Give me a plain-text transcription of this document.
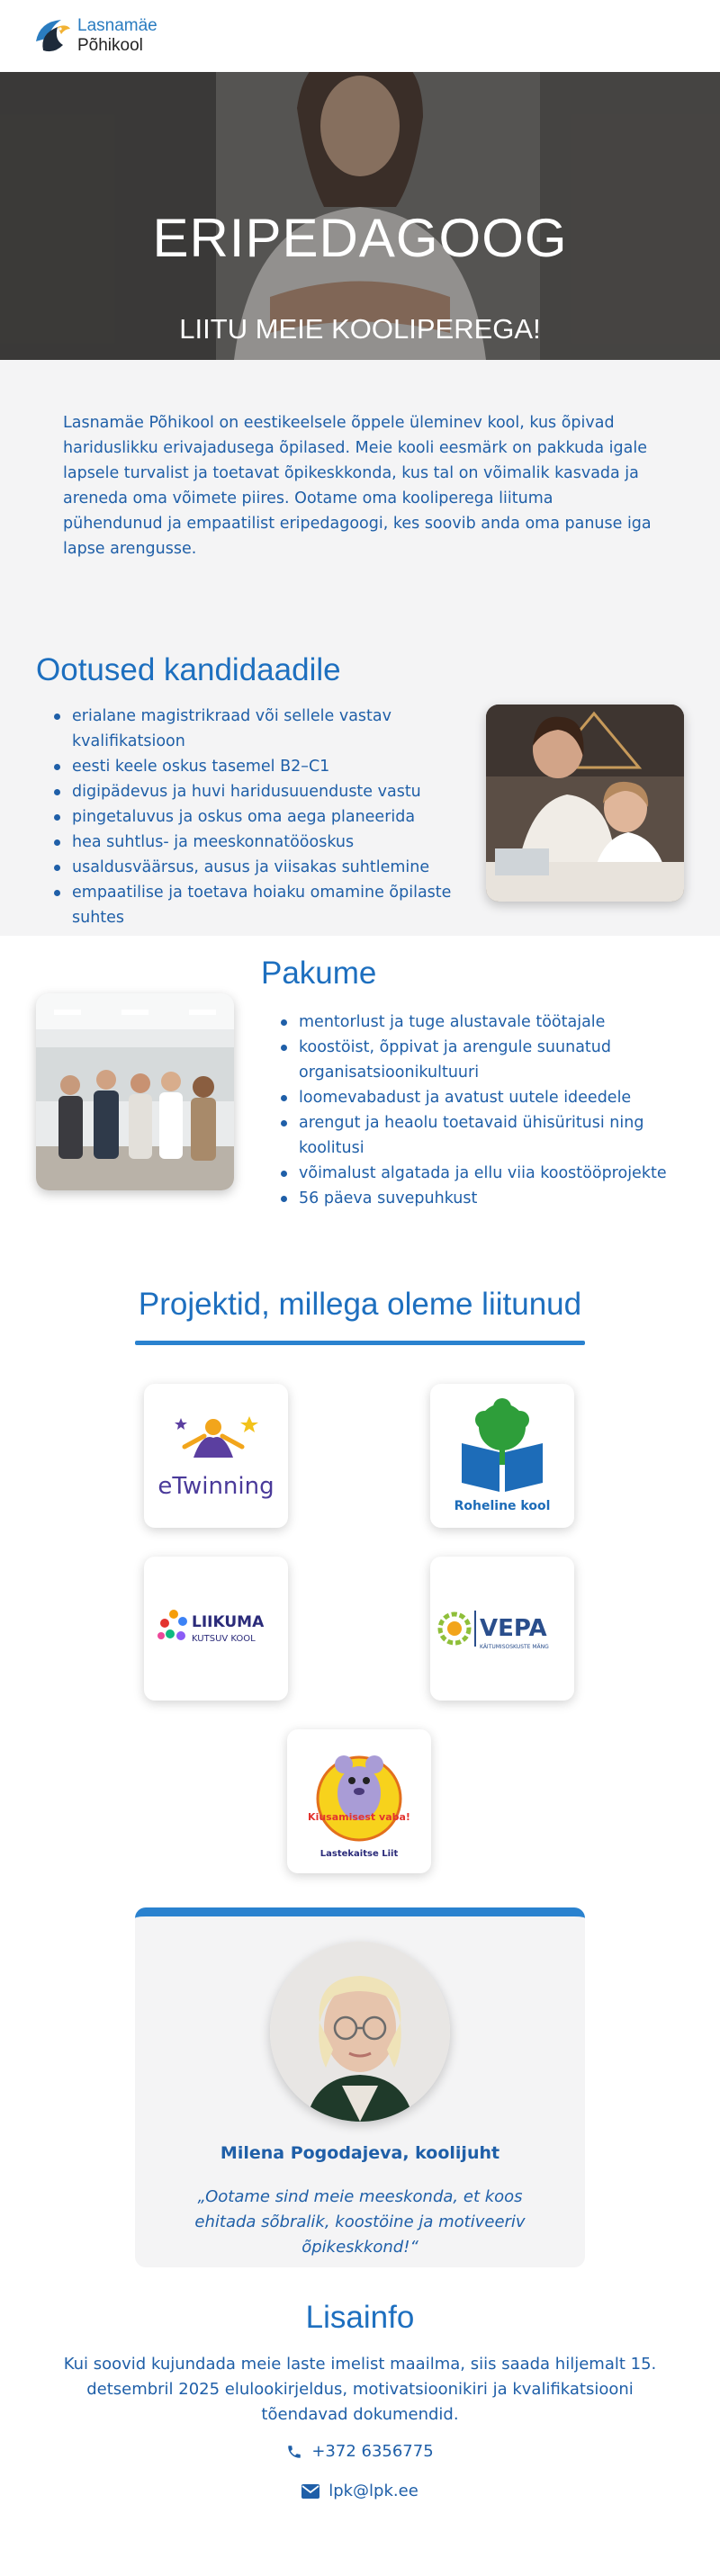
Lasnamäe
Põhikool
ERIPEDAGOOG
LIITU MEIE KOOLIPEREGA!

Lasnamäe Põhikool on eestikeelsele õppele üleminev kool, kus õpivad hariduslikku erivajadusega õpilased. Meie kooli eesmärk on pakkuda igale lapsele turvalist ja toetavat õpikeskkonda, kus tal on võimalik kasvada ja areneda oma võimete piires. Ootame oma kooliperega liituma pühendunud ja empaatilist eripedagoogi, kes soovib anda oma panuse iga lapse arengusse.

Ootused kandidaadile
erialane magistrikraad või sellele vastav kvalifikatsioon
eesti keele oskus tasemel B2–C1
digipädevus ja huvi haridusuuenduste vastu
pingetaluvus ja oskus oma aega planeerida
hea suhtlus- ja meeskonnatööoskus
usaldusväärsus, ausus ja viisakas suhtlemine
empaatilise ja toetava hoiaku omamine õpilaste suhtes
Pakume
mentorlust ja tuge alustavale töötajale
koostöist, õppivat ja arengule suunatud organisatsioonikultuuri
loomevabadust ja avatust uutele ideedele
arengut ja heaolu toetavaid ühisüritusi ning koolitusi
võimalust algatada ja ellu viia koostööprojekte
56 päeva suvepuhkust
Projektid, millega oleme liitunud
eTwinning
Roheline kool
LIIKUMA
KUTSUV KOOL	VEPA
KÄITUMISOSKUSTE MÄNG
Kiusamisest vaba!
Lastekaitse Liit
Milena Pogodajeva, koolijuht
„Ootame sind meie meeskonda, et koos ehitada sõbralik, koostöine ja motiveeriv õpikeskkond!“
Lisainfo

Kui soovid kujundada meie laste imelist maailma, siis saada hiljemalt 15. detsembril 2025 elulookirjeldus, motivatsioonikiri ja kvalifikatsiooni tõendavad dokumendid.

+372 6356775
lpk@lpk.ee
